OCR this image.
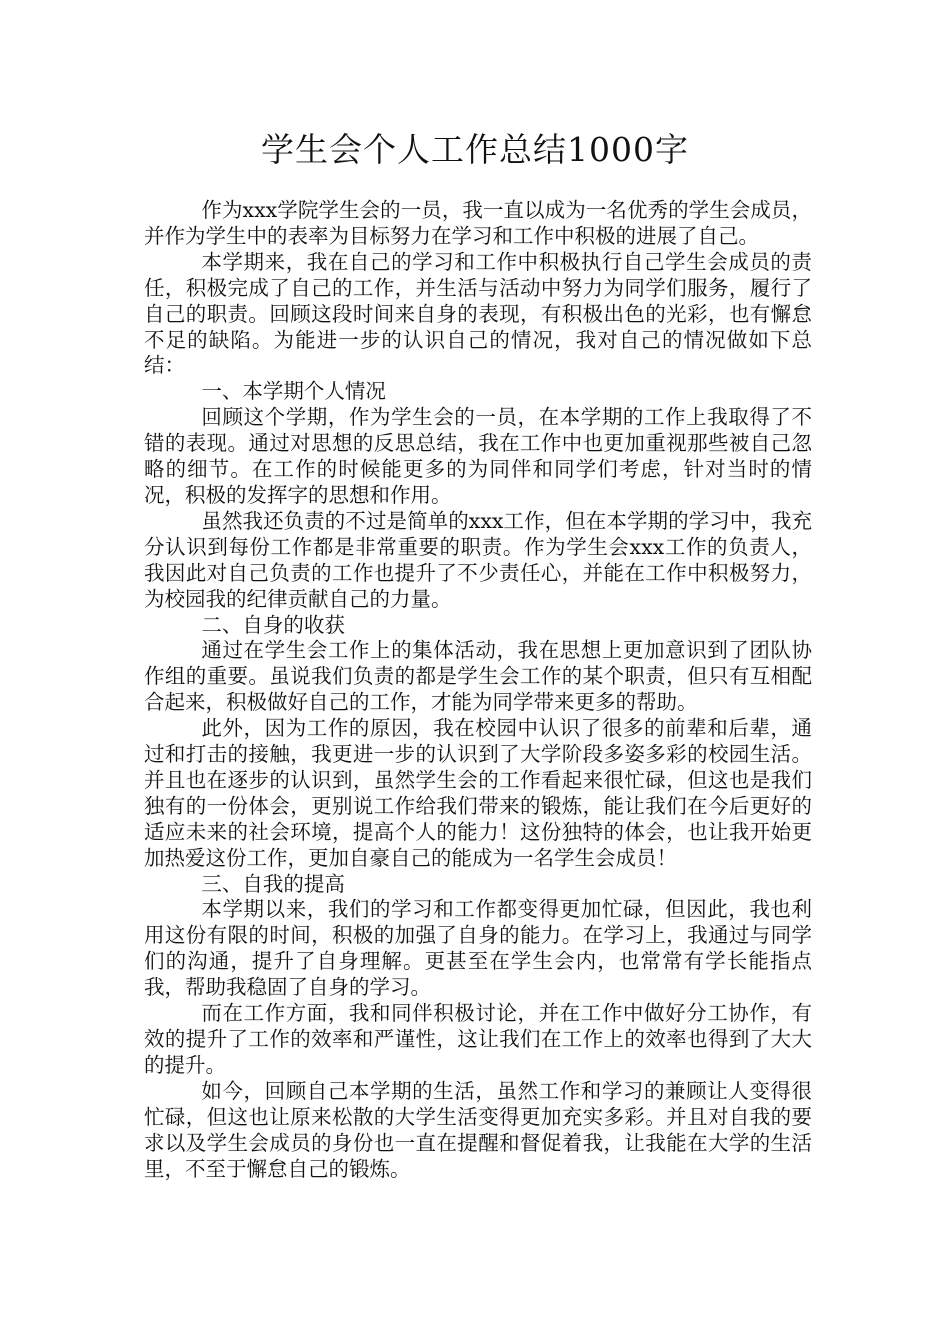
学生会个人工作总结1000字

作为xxx学院学生会的一员，我一直以成为一名优秀的学生会成员，并作为学生中的表率为目标努力在学习和工作中积极的进展了自己。

本学期来，我在自己的学习和工作中积极执行自己学生会成员的责任，积极完成了自己的工作，并生活与活动中努力为同学们服务，履行了自己的职责。回顾这段时间来自身的表现，有积极出色的光彩，也有懈怠不足的缺陷。为能进一步的认识自己的情况，我对自己的情况做如下总结：

一、本学期个人情况

回顾这个学期，作为学生会的一员，在本学期的工作上我取得了不错的表现。通过对思想的反思总结，我在工作中也更加重视那些被自己忽略的细节。在工作的时候能更多的为同伴和同学们考虑，针对当时的情况，积极的发挥字的思想和作用。

虽然我还负责的不过是简单的xxx工作，但在本学期的学习中，我充分认识到每份工作都是非常重要的职责。作为学生会xxx工作的负责人，我因此对自己负责的工作也提升了不少责任心，并能在工作中积极努力，为校园我的纪律贡献自己的力量。

二、自身的收获

通过在学生会工作上的集体活动，我在思想上更加意识到了团队协作组的重要。虽说我们负责的都是学生会工作的某个职责，但只有互相配合起来，积极做好自己的工作，才能为同学带来更多的帮助。

此外，因为工作的原因，我在校园中认识了很多的前辈和后辈，通过和打击的接触，我更进一步的认识到了大学阶段多姿多彩的校园生活。并且也在逐步的认识到，虽然学生会的工作看起来很忙碌，但这也是我们独有的一份体会，更别说工作给我们带来的锻炼，能让我们在今后更好的适应未来的社会环境，提高个人的能力！这份独特的体会，也让我开始更加热爱这份工作，更加自豪自己的能成为一名学生会成员！

三、自我的提高

本学期以来，我们的学习和工作都变得更加忙碌，但因此，我也利用这份有限的时间，积极的加强了自身的能力。在学习上，我通过与同学们的沟通，提升了自身理解。更甚至在学生会内，也常常有学长能指点我，帮助我稳固了自身的学习。

而在工作方面，我和同伴积极讨论，并在工作中做好分工协作，有效的提升了工作的效率和严谨性，这让我们在工作上的效率也得到了大大的提升。

如今，回顾自己本学期的生活，虽然工作和学习的兼顾让人变得很忙碌，但这也让原来松散的大学生活变得更加充实多彩。并且对自我的要求以及学生会成员的身份也一直在提醒和督促着我，让我能在大学的生活里，不至于懈怠自己的锻炼。
